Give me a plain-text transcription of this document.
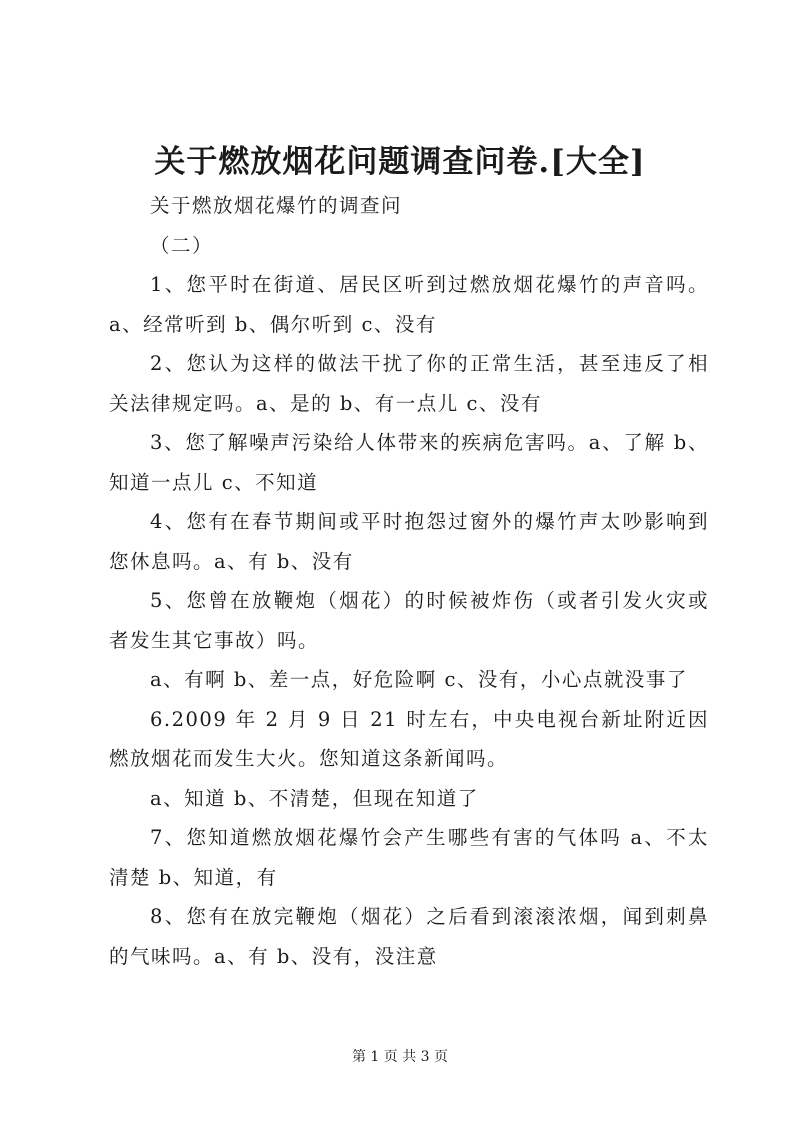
关于燃放烟花问题调查问卷.[大全]

关于燃放烟花爆竹的调查问

（二）

1、您平时在街道、居民区听到过燃放烟花爆竹的声音吗。a、经常听到 b、偶尔听到 c、没有

2、您认为这样的做法干扰了你的正常生活，甚至违反了相关法律规定吗。a、是的 b、有一点儿 c、没有

3、您了解噪声污染给人体带来的疾病危害吗。a、了解 b、知道一点儿 c、不知道

4、您有在春节期间或平时抱怨过窗外的爆竹声太吵影响到您休息吗。a、有 b、没有

5、您曾在放鞭炮（烟花）的时候被炸伤（或者引发火灾或者发生其它事故）吗。

a、有啊 b、差一点，好危险啊 c、没有，小心点就没事了

6.2009 年 2 月 9 日 21 时左右，中央电视台新址附近因燃放烟花而发生大火。您知道这条新闻吗。

a、知道 b、不清楚，但现在知道了

7、您知道燃放烟花爆竹会产生哪些有害的气体吗 a、不太清楚 b、知道，有

8、您有在放完鞭炮（烟花）之后看到滚滚浓烟，闻到刺鼻的气味吗。a、有 b、没有，没注意

第 1 页 共 3 页
